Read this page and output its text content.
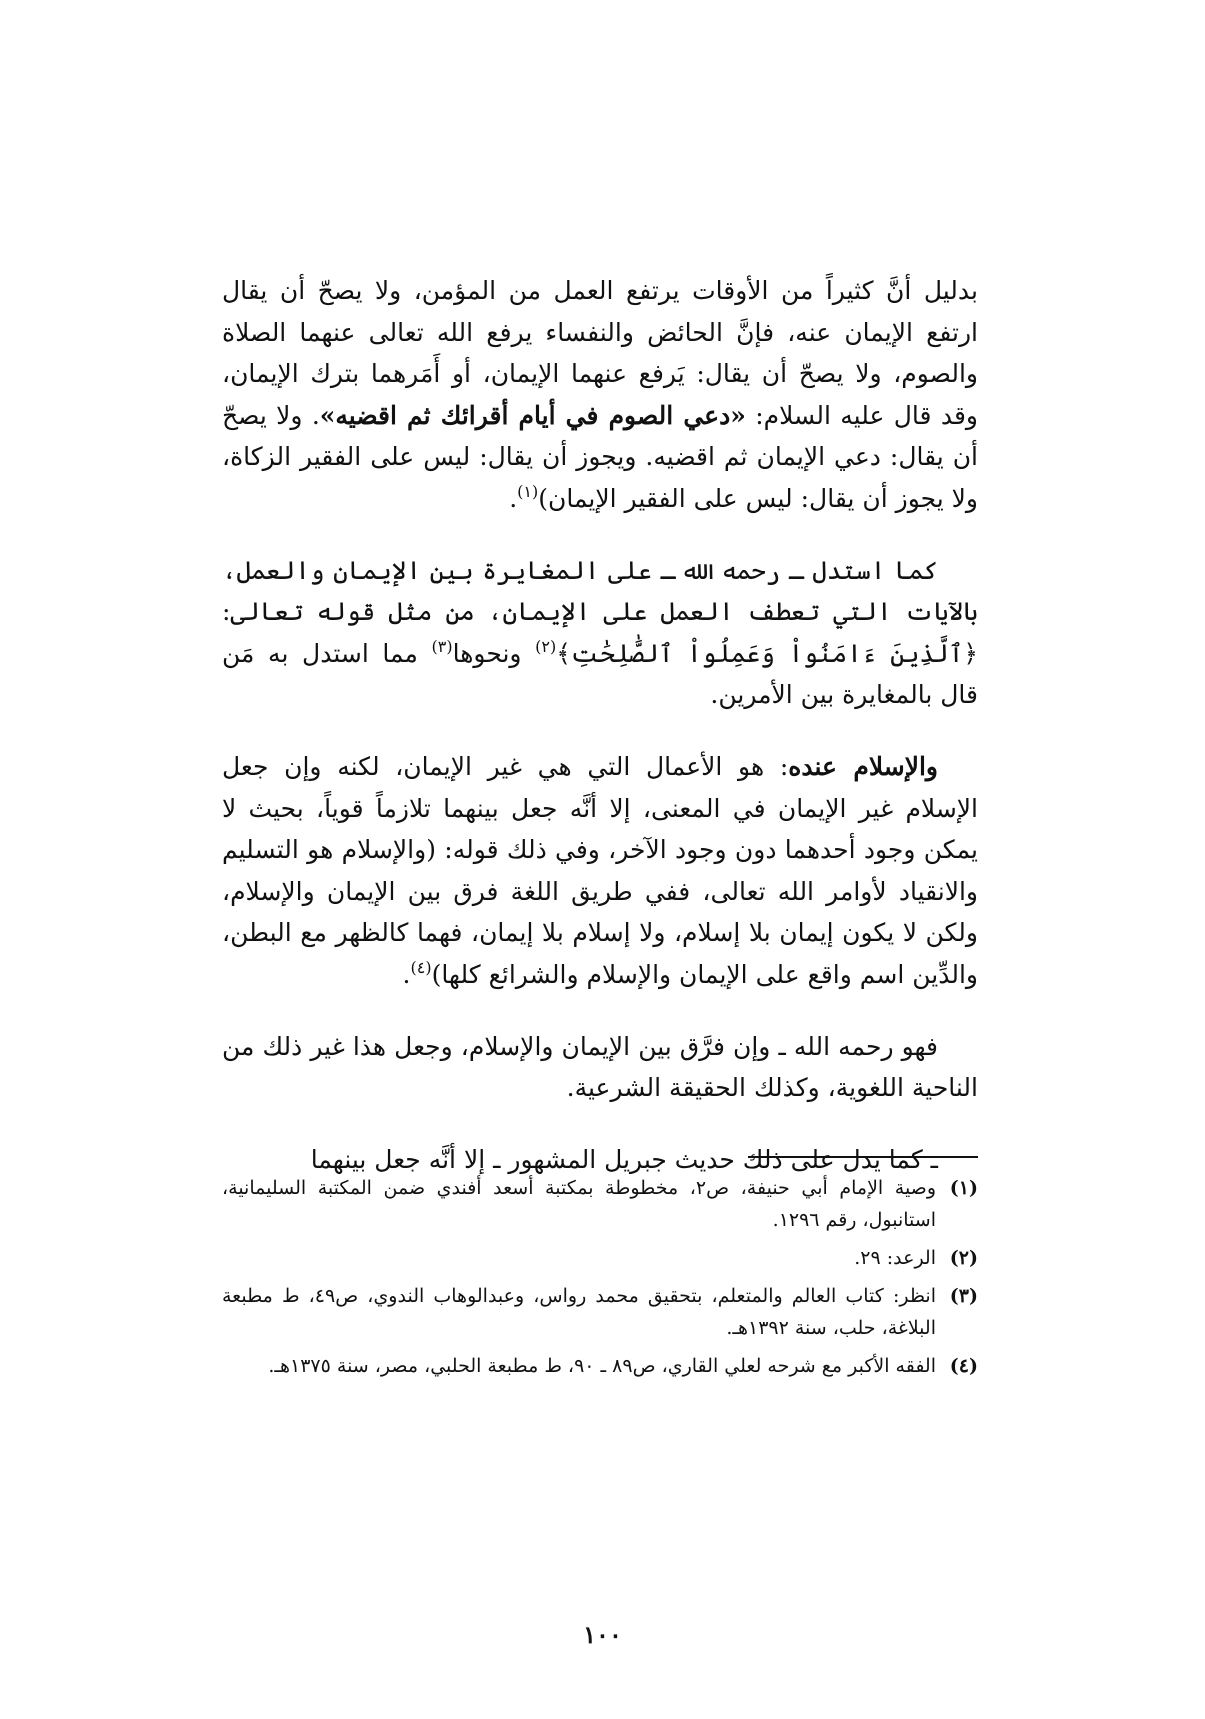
بدليل أنَّ كثيراً من الأوقات يرتفع العمل من المؤمن، ولا يصحّ أن يقال ارتفع الإيمان عنه، فإنَّ الحائض والنفساء يرفع الله تعالى عنهما الصلاة والصوم، ولا يصحّ أن يقال: يَرفع عنهما الإيمان، أو أَمَرهما بترك الإيمان، وقد قال عليه السلام: «دعي الصوم في أيام أقرائك ثم اقضيه». ولا يصحّ أن يقال: دعي الإيمان ثم اقضيه. ويجوز أن يقال: ليس على الفقير الزكاة، ولا يجوز أن يقال: ليس على الفقير الإيمان)$^{(١)}$.

كما استدل ـ رحمه الله ـ على المغايرة بين الإيمان والعمل، بالآيات التي تعطف العمل على الإيمان، من مثل قوله تعالى: ﴿ٱلَّذِينَ ءَامَنُواْ وَعَمِلُواْ ٱلصَّٰلِحَٰتِ﴾$^{(٢)}$ ونحوها$^{(٣)}$ مما استدل به مَن قال بالمغايرة بين الأمرين.

والإسلام عنده: هو الأعمال التي هي غير الإيمان، لكنه وإن جعل الإسلام غير الإيمان في المعنى، إلا أنَّه جعل بينهما تلازماً قوياً، بحيث لا يمكن وجود أحدهما دون وجود الآخر، وفي ذلك قوله: (والإسلام هو التسليم والانقياد لأوامر الله تعالى، ففي طريق اللغة فرق بين الإيمان والإسلام، ولكن لا يكون إيمان بلا إسلام، ولا إسلام بلا إيمان، فهما كالظهر مع البطن، والدِّين اسم واقع على الإيمان والإسلام والشرائع كلها)$^{(٤)}$.

فهو رحمه الله ـ وإن فرَّق بين الإيمان والإسلام، وجعل هذا غير ذلك من الناحية اللغوية، وكذلك الحقيقة الشرعية.

ـ كما يدل على ذلك حديث جبريل المشهور ـ إلا أنَّه جعل بينهما

(١)
وصية الإمام أبي حنيفة، ص٢، مخطوطة بمكتبة أسعد أفندي ضمن المكتبة السليمانية، استانبول، رقم ١٢٩٦.
(٢)
الرعد: ٢٩.
(٣)
انظر: كتاب العالم والمتعلم، بتحقيق محمد رواس، وعبدالوهاب الندوي، ص٤٩، ط مطبعة البلاغة، حلب، سنة ١٣٩٢هـ.
(٤)
الفقه الأكبر مع شرحه لعلي القاري، ص٨٩ ـ ٩٠، ط مطبعة الحلبي، مصر، سنة ١٣٧٥هـ.
١٠٠
